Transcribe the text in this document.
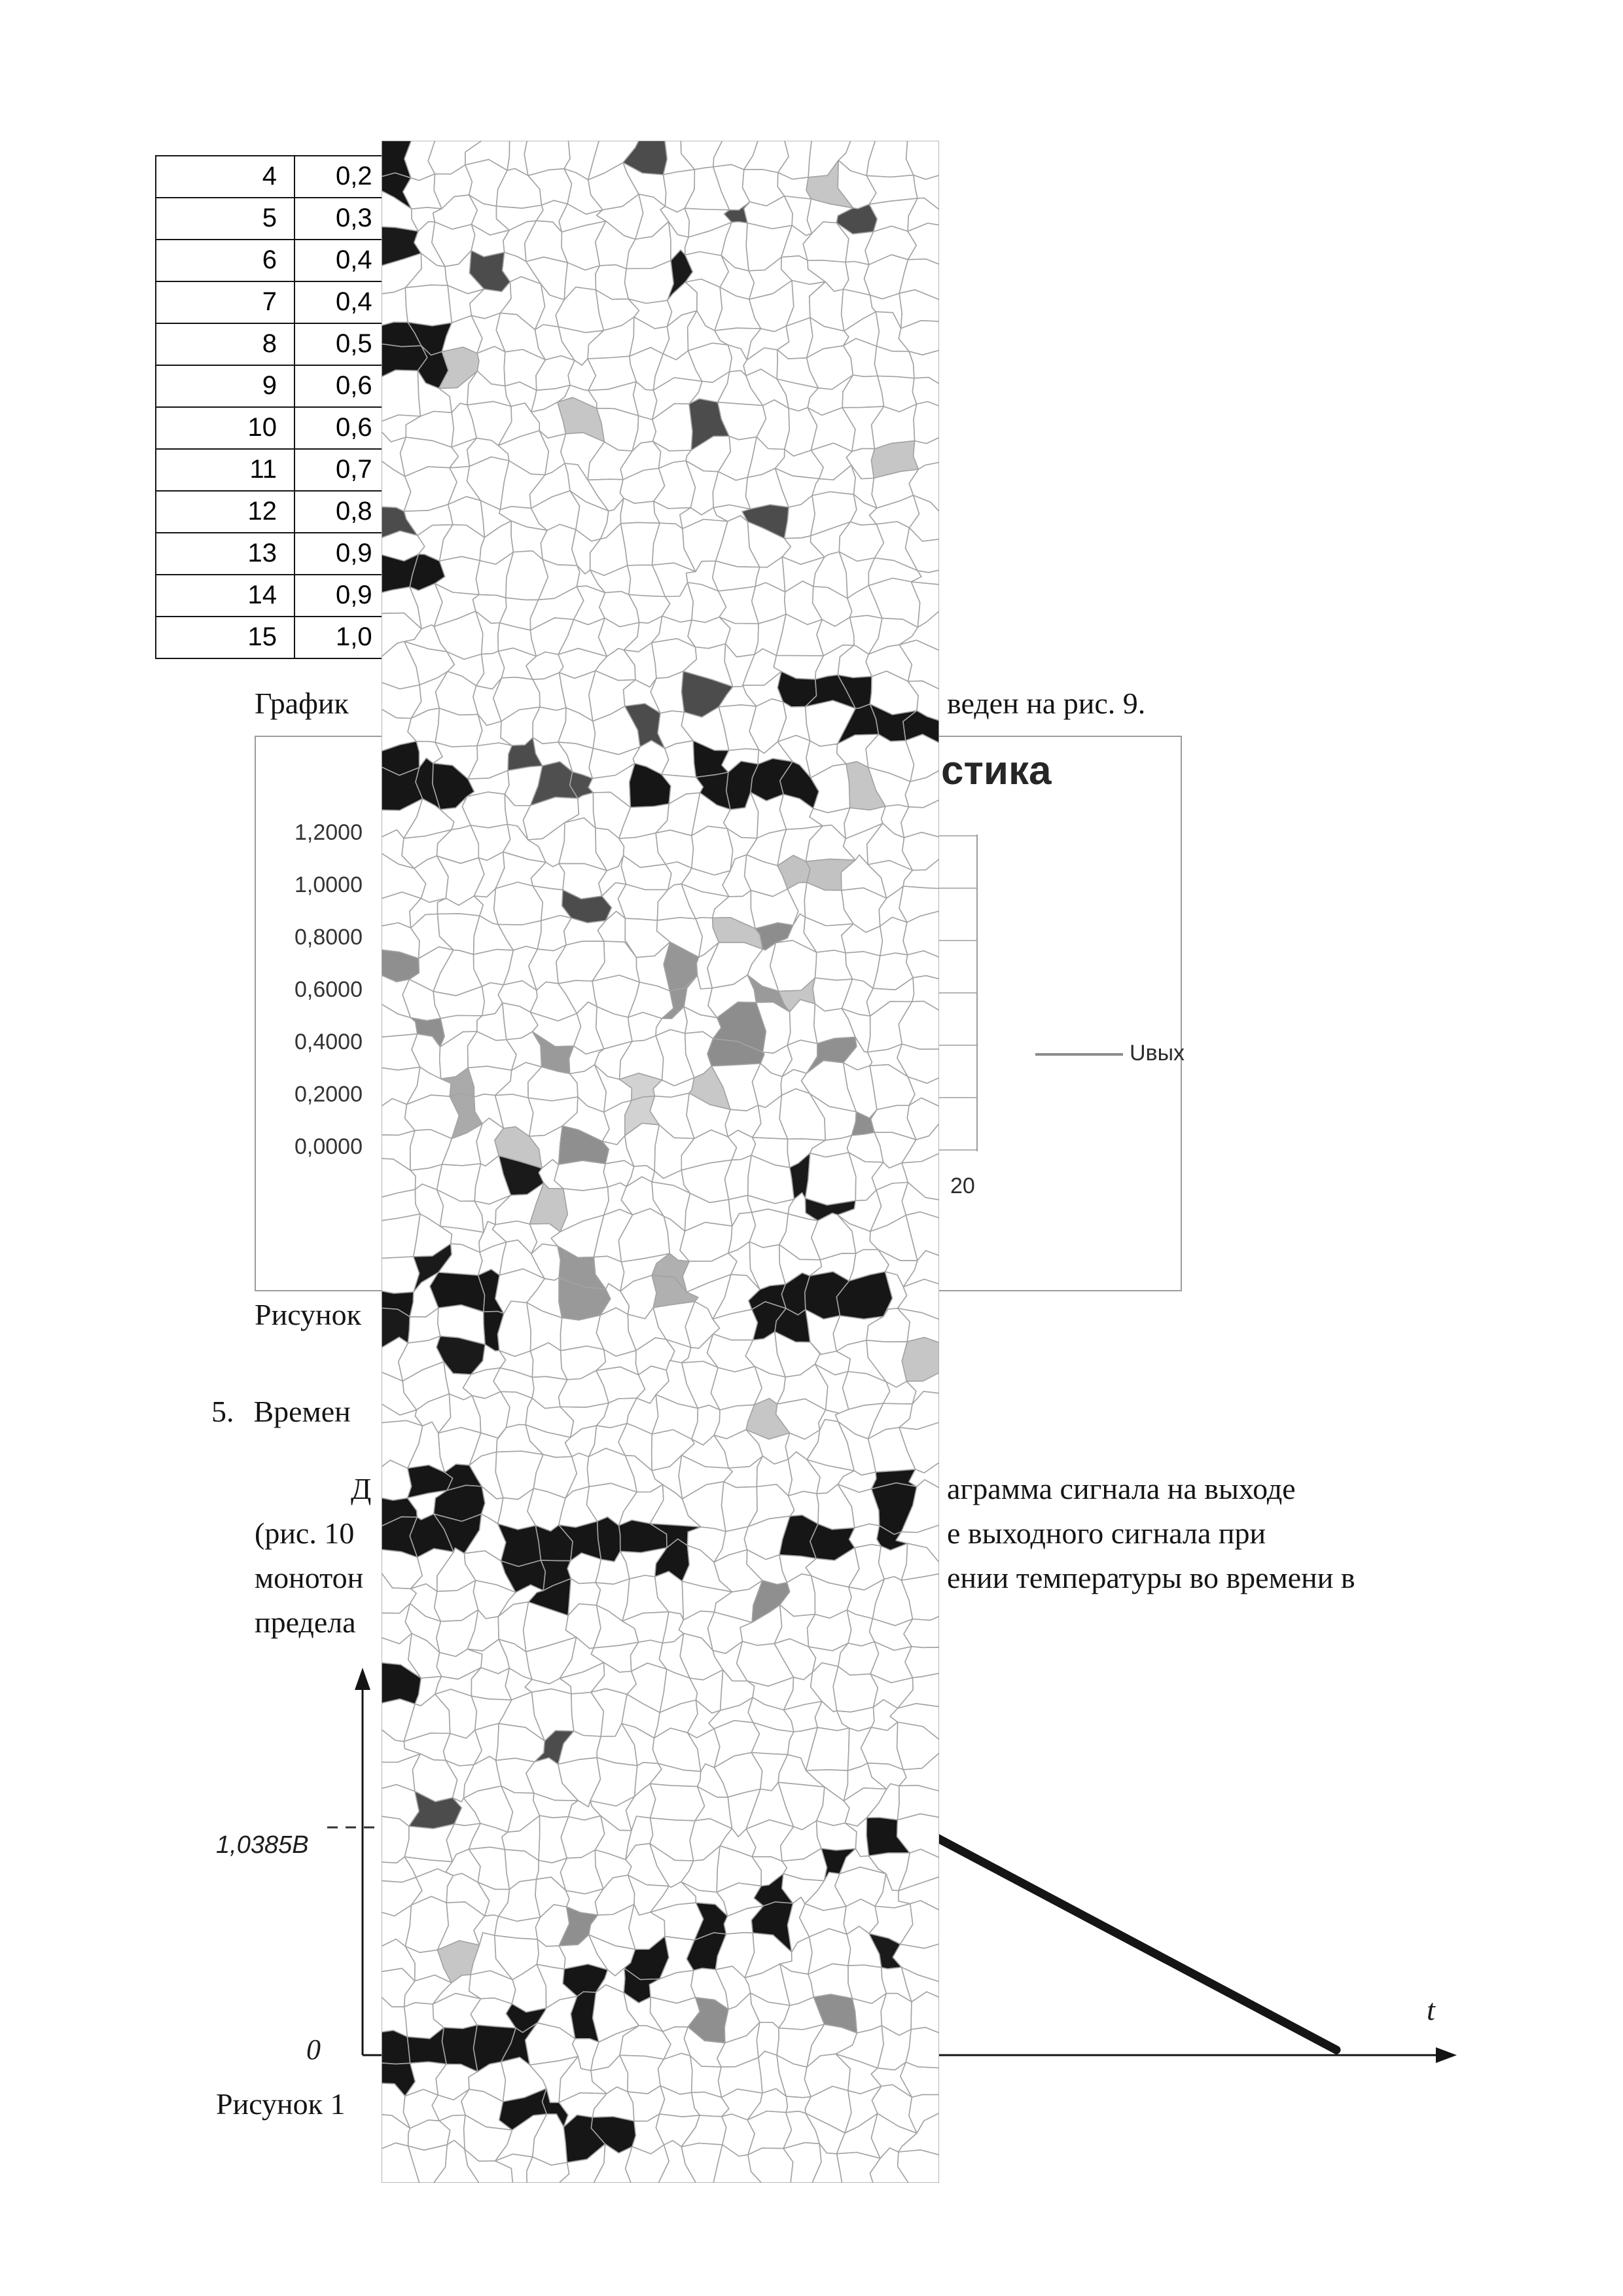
4	0,2
5	0,3
6	0,4
7	0,4
8	0,5
9	0,6
10	0,6
11	0,7
12	0,8
13	0,9
14	0,9
15	1,0
График	веден на рис. 9.
стика
20
Uвых
Рисунок
5. Времен
Д	аграмма сигнала на выходе
(рис. 10	е выходного сигнала при
монотон	ении температуры во времени в
предела
1,0385В
0
t
Рисунок 1
1,2000
1,0000
0,8000
0,6000
0,4000
0,2000
0,0000
